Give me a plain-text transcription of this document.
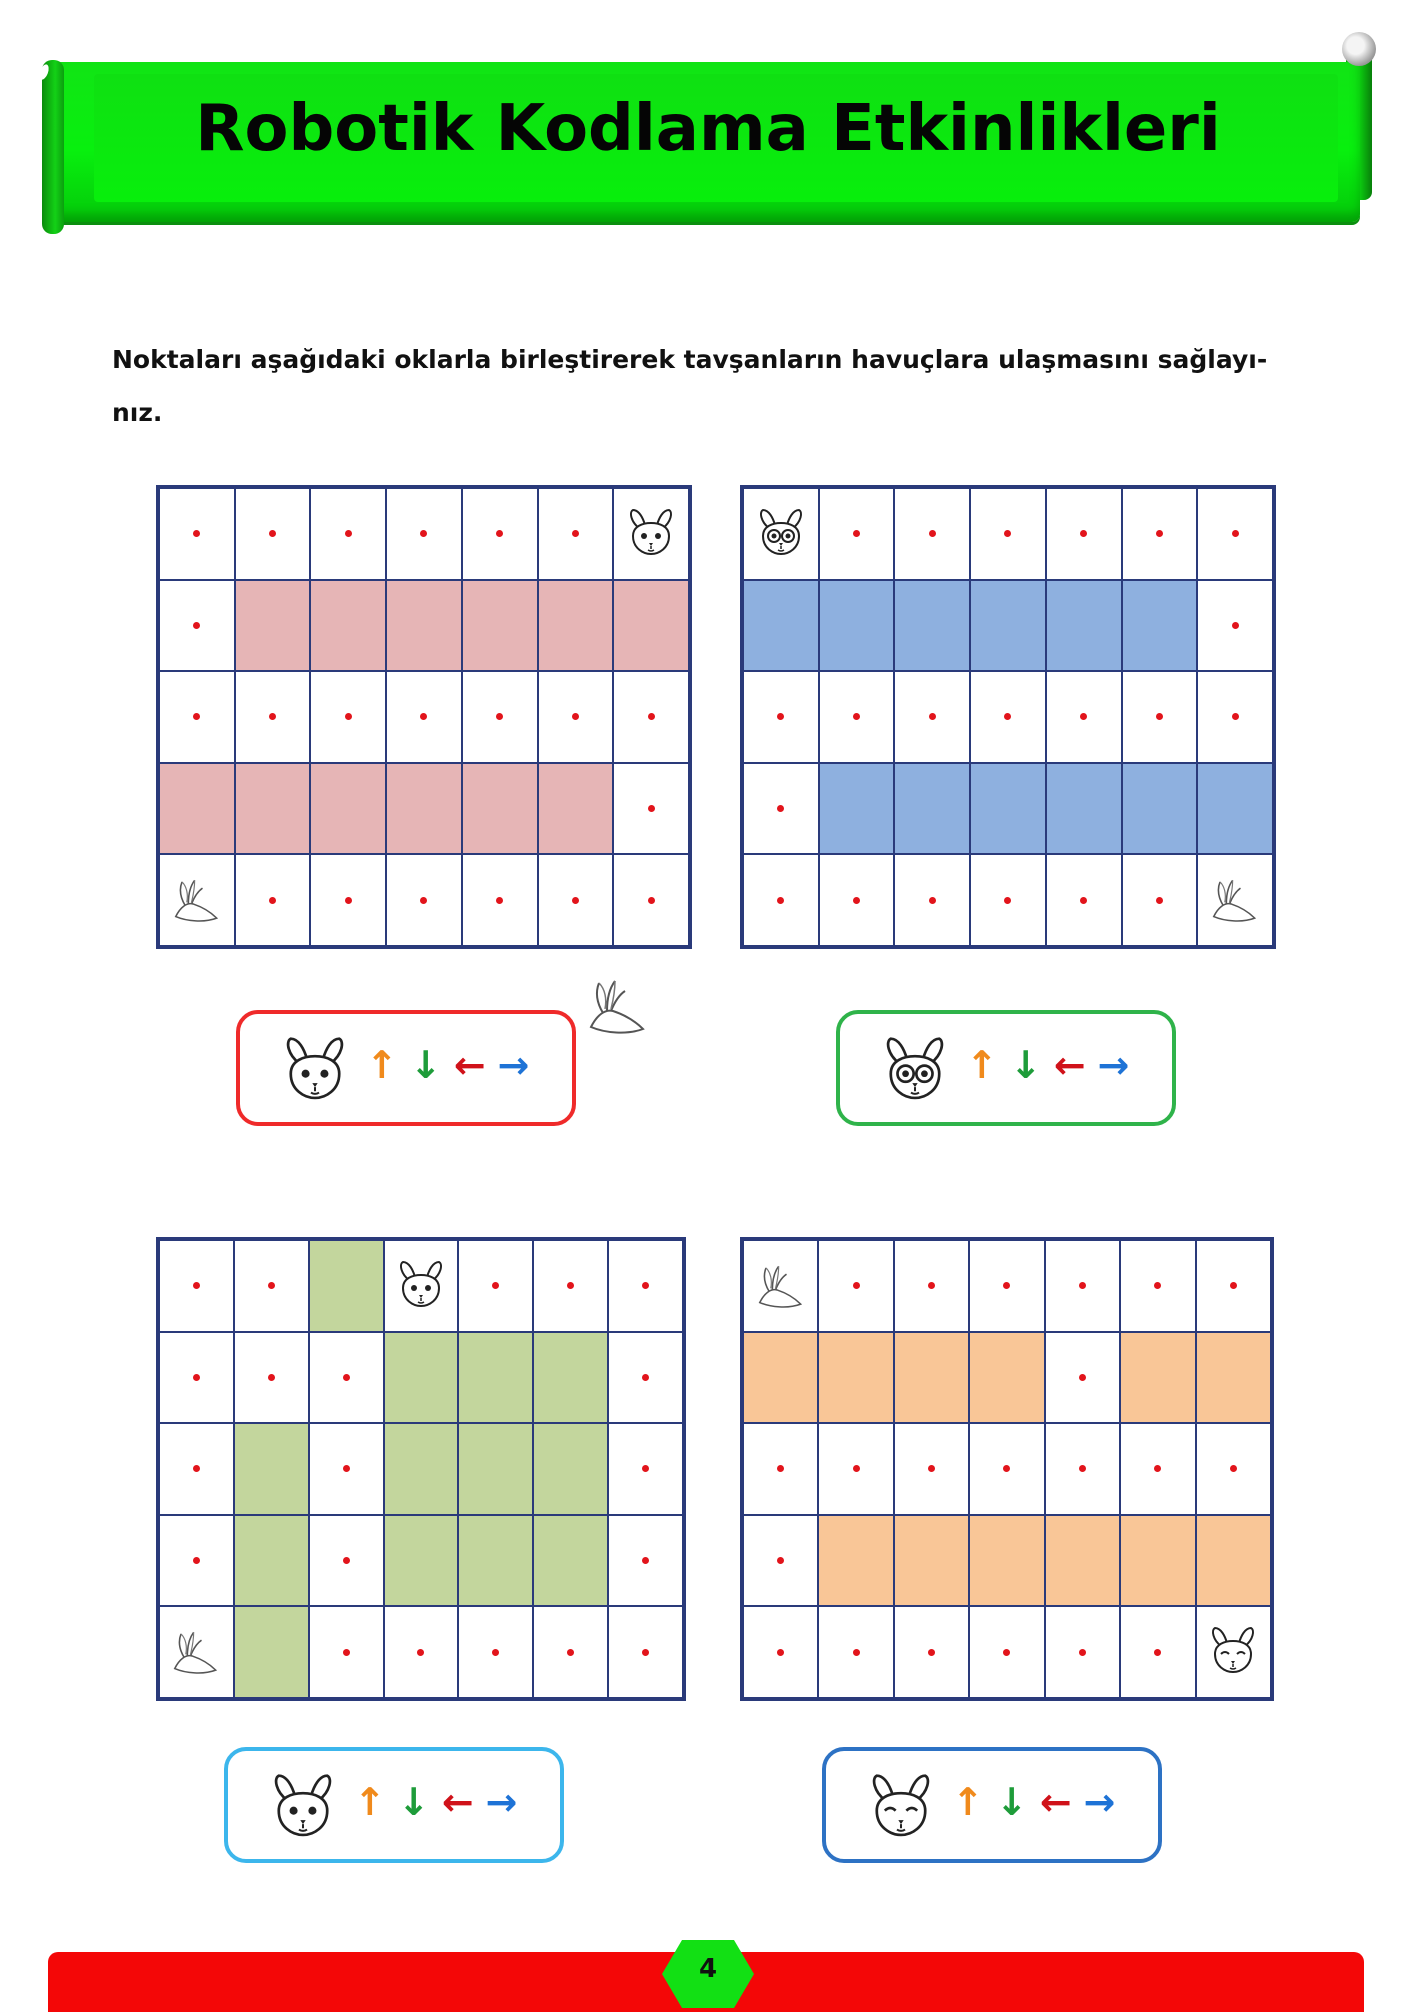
Robotik Kodlama Etkinlikleri
Noktaları aşağıdaki oklarla birleştirerek tavşanların havuçlara ulaşmasını sağlayı-
nız.
↑ ↓ ← →	↑ ↓ ← →
↑ ↓ ← →	↑ ↓ ← →
4
